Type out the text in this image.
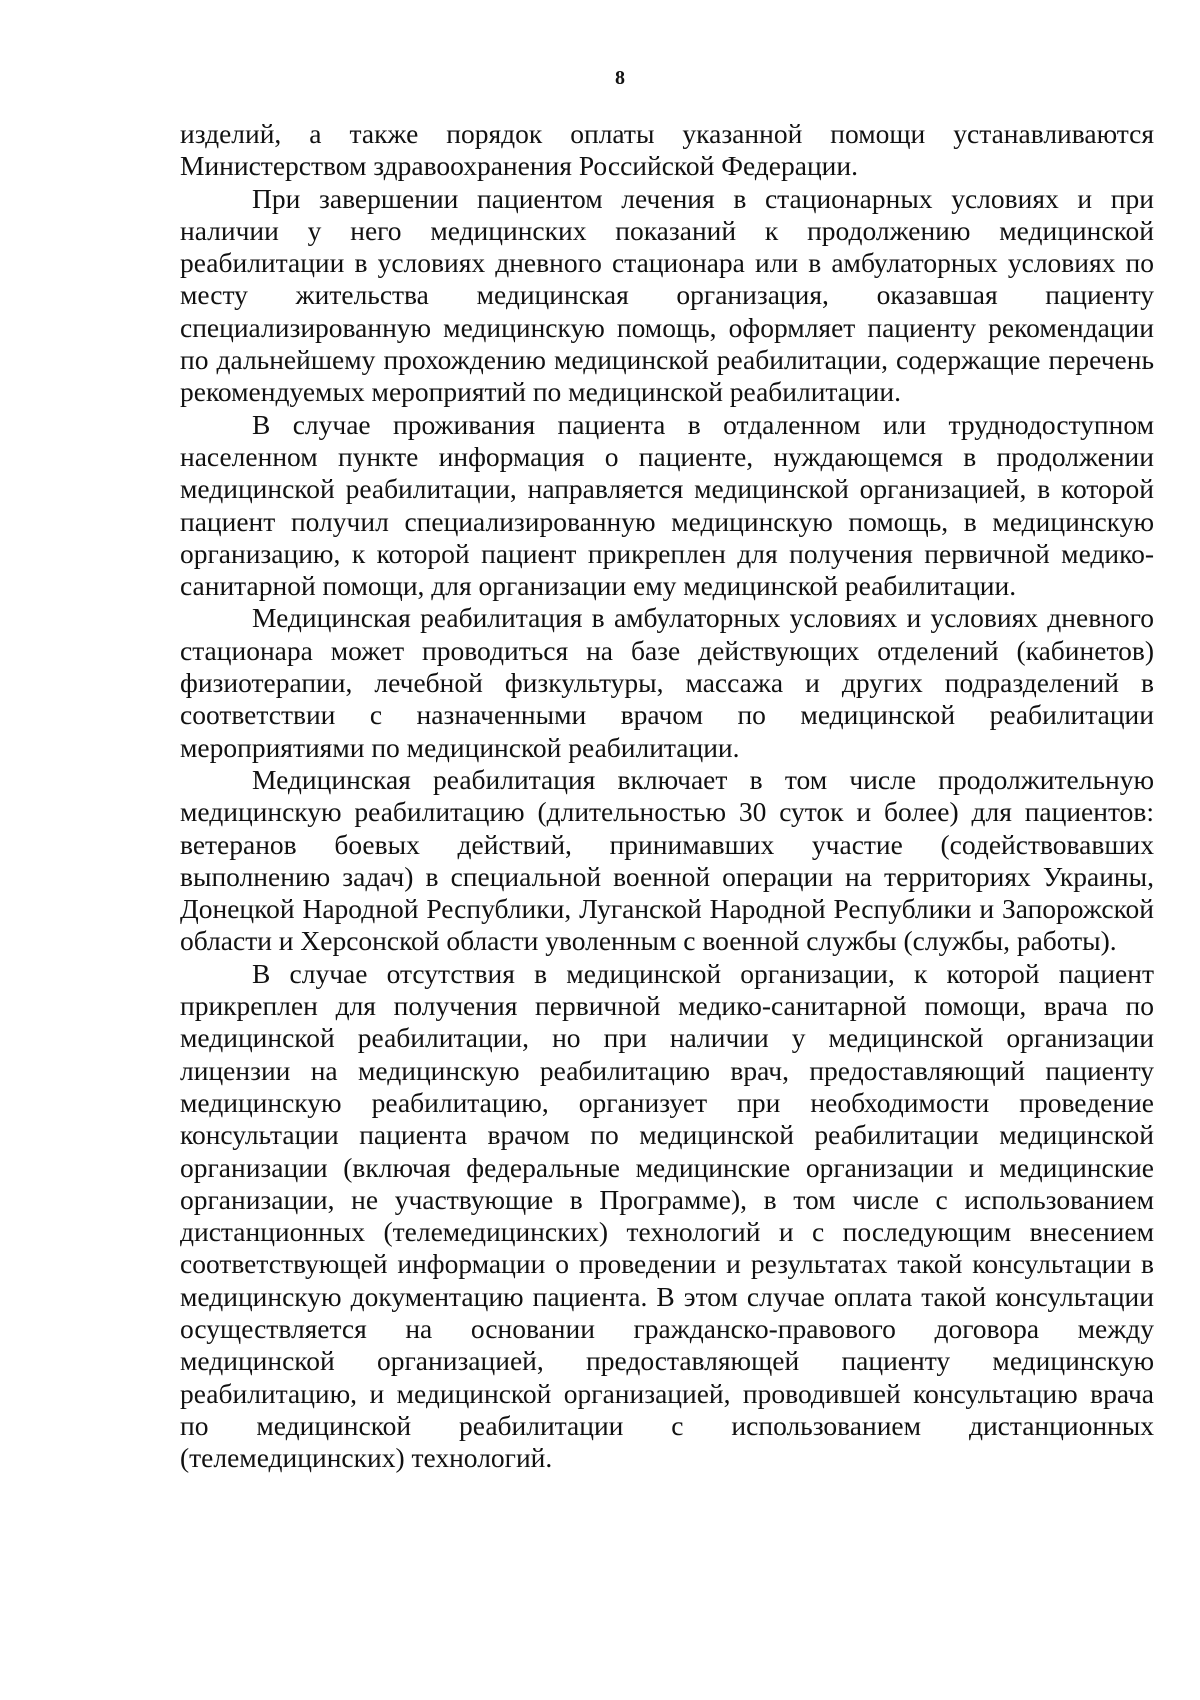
8

изделий, а также порядок оплаты указанной помощи устанавливаются Министерством здравоохранения Российской Федерации.

При завершении пациентом лечения в стационарных условиях и при наличии у него медицинских показаний к продолжению медицинской реабилитации в условиях дневного стационара или в амбулаторных условиях по месту жительства медицинская организация, оказавшая пациенту специализированную медицинскую помощь, оформляет пациенту рекомендации по дальнейшему прохождению медицинской реабилитации, содержащие перечень рекомендуемых мероприятий по медицинской реабилитации.

В случае проживания пациента в отдаленном или труднодоступном населенном пункте информация о пациенте, нуждающемся в продолжении медицинской реабилитации, направляется медицинской организацией, в которой пациент получил специализированную медицинскую помощь, в медицинскую организацию, к которой пациент прикреплен для получения первичной медико-санитарной помощи, для организации ему медицинской реабилитации.

Медицинская реабилитация в амбулаторных условиях и условиях дневного стационара может проводиться на базе действующих отделений (кабинетов) физиотерапии, лечебной физкультуры, массажа и других подразделений в соответствии с назначенными врачом по медицинской реабилитации мероприятиями по медицинской реабилитации.

Медицинская реабилитация включает в том числе продолжительную медицинскую реабилитацию (длительностью 30 суток и более) для пациентов: ветеранов боевых действий, принимавших участие (содействовавших выполнению задач) в специальной военной операции на территориях Украины, Донецкой Народной Республики, Луганской Народной Республики и Запорожской области и Херсонской области уволенным с военной службы (службы, работы).

В случае отсутствия в медицинской организации, к которой пациент прикреплен для получения первичной медико-санитарной помощи, врача по медицинской реабилитации, но при наличии у медицинской организации лицензии на медицинскую реабилитацию врач, предоставляющий пациенту медицинскую реабилитацию, организует при необходимости проведение консультации пациента врачом по медицинской реабилитации медицинской организации (включая федеральные медицинские организации и медицинские организации, не участвующие в Программе), в том числе с использованием дистанционных (телемедицинских) технологий и с последующим внесением соответствующей информации о проведении и результатах такой консультации в медицинскую документацию пациента. В этом случае оплата такой консультации осуществляется на основании гражданско-правового договора между медицинской организацией, предоставляющей пациенту медицинскую реабилитацию, и медицинской организацией, проводившей консультацию врача по медицинской реабилитации с использованием дистанционных (телемедицинских) технологий.
